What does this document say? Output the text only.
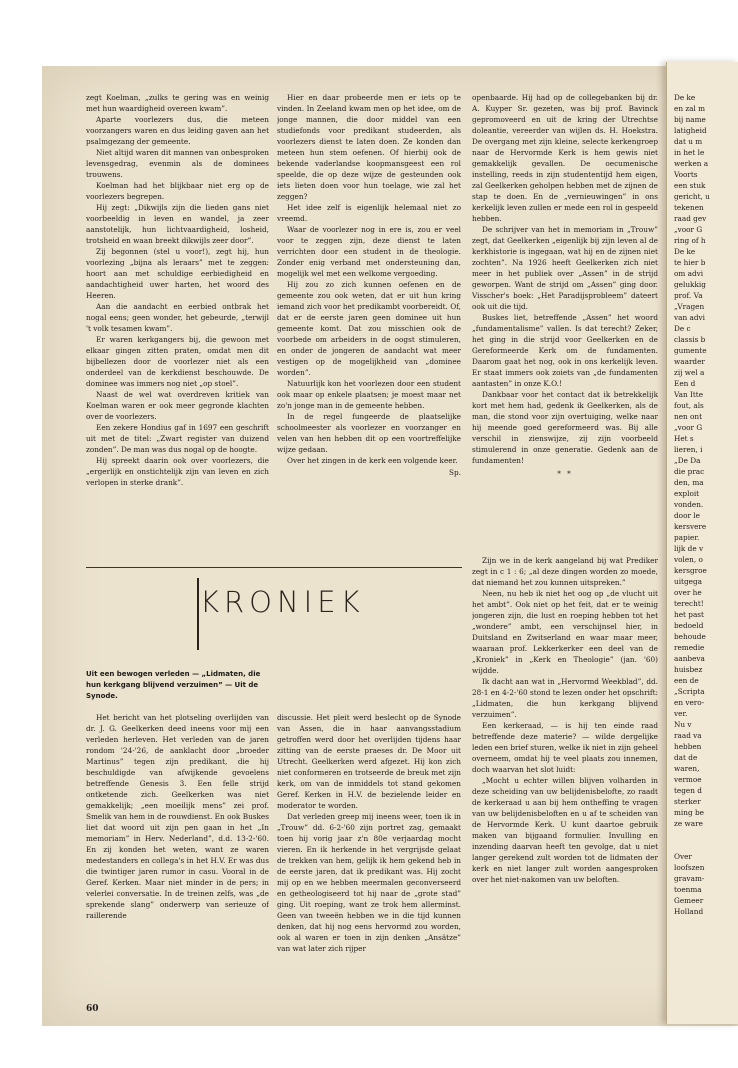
zegt Koelman, „zulks te gering was en weinig met hun waardigheid overeen kwam”.

Aparte voorlezers dus, die meteen voorzangers waren en dus leiding gaven aan het psalmgezang der gemeente.

Niet altijd waren dit mannen van onbesproken levensgedrag, evenmin als de dominees trouwens.

Koelman had het blijkbaar niet erg op de voorlezers begrepen.

Hij zegt: „Dikwijls zijn die lieden gans niet voorbeeldig in leven en wandel, ja zeer aanstotelijk, hun lichtvaardigheid, losheid, trotsheid en waan breekt dikwijls zeer door”.

Zij begonnen (stel u voor!), zegt hij, hun voorlezing „bijna als leraars” met te zeggen: hoort aan met schuldige eerbiedigheid en aandachtigheid uwer harten, het woord des Heeren.

Aan die aandacht en eerbied ontbrak het nogal eens; geen wonder, het gebeurde, „terwijl 't volk tesamen kwam”.

Er waren kerkgangers bij, die gewoon met elkaar gingen zitten praten, omdat men dit bijbellezen door de voorlezer niet als een onderdeel van de kerkdienst beschouwde. De dominee was immers nog niet „op stoel”.

Naast de wel wat overdreven kritiek van Koelman waren er ook meer gegronde klachten over de voorlezers.

Een zekere Hondius gaf in 1697 een geschrift uit met de titel: „Zwart register van duizend zonden”. De man was dus nogal op de hoogte.

Hij spreekt daarin ook over voorlezers, die „ergerlijk en onstichtelijk zijn van leven en zich verlopen in sterke drank”.

Hier en daar probeerde men er iets op te vinden. In Zeeland kwam men op het idee, om de jonge mannen, die door middel van een studiefonds voor predikant studeerden, als voorlezers dienst te laten doen. Ze konden dan meteen hun stem oefenen. Of hierbij ook de bekende vaderlandse koopmansgeest een rol speelde, die op deze wijze de gesteunden ook iets lieten doen voor hun toelage, wie zal het zeggen?

Het idee zelf is eigenlijk helemaal niet zo vreemd.

Waar de voorlezer nog in ere is, zou er veel voor te zeggen zijn, deze dienst te laten verrichten door een student in de theologie. Zonder enig verband met ondersteuning dan, mogelijk wel met een welkome vergoeding.

Hij zou zo zich kunnen oefenen en de gemeente zou ook weten, dat er uit hun kring iemand zich voor het predikambt voorbereidt. Of, dat er de eerste jaren geen dominee uit hun gemeente komt. Dat zou misschien ook de voorbede om arbeiders in de oogst stimuleren, en onder de jongeren de aandacht wat meer vestigen op de mogelijkheid van „dominee worden”.

Natuurlijk kon het voorlezen door een student ook maar op enkele plaatsen; je moest maar net zo'n jonge man in de gemeente hebben.

In de regel fungeerde de plaatselijke schoolmeester als voorlezer en voorzanger en velen van hen hebben dit op een voortreffelijke wijze gedaan.

Over het zingen in de kerk een volgende keer.

Sp.

openbaarde. Hij had op de collegebanken bij dr. A. Kuyper Sr. gezeten, was bij prof. Bavinck gepromoveerd en uit de kring der Utrechtse doleantie, vereerder van wijlen ds. H. Hoekstra. De overgang met zijn kleine, selecte kerkengroep naar de Hervormde Kerk is hem gewis niet gemakkelijk gevallen. De oecumenische instelling, reeds in zijn studententijd hem eigen, zal Geelkerken geholpen hebben met de zijnen de stap te doen. En de „vernieuwingen” in ons kerkelijk leven zullen er mede een rol in gespeeld hebben.

De schrijver van het in memoriam in „Trouw” zegt, dat Geelkerken „eigenlijk bij zijn leven al de kerkhistorie is ingegaan, wat hij en de zijnen niet zochten”. Na 1926 heeft Geelkerken zich niet meer in het publiek over „Assen” in de strijd geworpen. Want de strijd om „Assen” ging door. Visscher's boek: „Het Paradijsprobleem” dateert ook uit die tijd.

Buskes liet, betreffende „Assen” het woord „fundamentalisme” vallen. Is dat terecht? Zeker, het ging in die strijd voor Geelkerken en de Gereformeerde Kerk om de fundamenten. Daarom gaat het nog, ook in ons kerkelijk leven. Er staat immers ook zoiets van „de fundamenten aantasten” in onze K.O.!

Dankbaar voor het contact dat ik betrekkelijk kort met hem had, gedenk ik Geelkerken, als de man, die stond voor zijn overtuiging, welke naar hij meende goed gereformeerd was. Bij alle verschil in zienswijze, zij zijn voorbeeld stimulerend in onze generatie. Gedenk aan de fundamenten!

* *

KRONIEK
Uit een bewogen verleden — „Lidmaten, die hun kerkgang blijvend verzuimen” — Uit de Synode.

Het bericht van het plotseling overlijden van dr. J. G. Geelkerken deed ineens voor mij een verleden herleven. Het verleden van de jaren rondom '24-'26, de aanklacht door „broeder Martinus” tegen zijn predikant, die hij beschuldigde van afwijkende gevoelens betreffende Genesis 3. Een felle strijd ontketende zich. Geelkerken was niet gemakkelijk; „een moeilijk mens” zei prof. Smelik van hem in de rouwdienst. En ook Buskes liet dat woord uit zijn pen gaan in het „In memoriam” in Herv. Nederland”, d.d. 13-2-'60. En zij konden het weten, want ze waren medestanders en collega's in het H.V. Er was dus die twintiger jaren rumor in casu. Vooral in de Geref. Kerken. Maar niet minder in de pers; in velerlei conversatie. In de treinen zelfs, was „de sprekende slang” onderwerp van serieuze of raillerende

discussie. Het pleit werd beslecht op de Synode van Assen, die in haar aanvangsstadium getroffen werd door het overlijden tijdens haar zitting van de eerste praeses dr. De Moor uit Utrecht. Geelkerken werd afgezet. Hij kon zich niet conformeren en trotseerde de breuk met zijn kerk, om van de inmiddels tot stand gekomen Geref. Kerken in H.V. de bezielende leider en moderator te worden.

Dat verleden greep mij ineens weer, toen ik in „Trouw” dd. 6-2-'60 zijn portret zag, gemaakt toen hij vorig jaar z'n 80e verjaardag mocht vieren. En ik herkende in het vergrijsde gelaat de trekken van hem, gelijk ik hem gekend heb in de eerste jaren, dat ik predikant was. Hij zocht mij op en we hebben meermalen geconverseerd en getheologiseerd tot hij naar de „grote stad” ging. Uit roeping, want ze trok hem allerminst. Geen van tweeën hebben we in die tijd kunnen denken, dat hij nog eens hervormd zou worden, ook al waren er toen in zijn denken „Ansätze” van wat later zich rijper

Zijn we in de kerk aangeland bij wat Prediker zegt in c 1 : 6; „al deze dingen worden zo moede, dat niemand het zou kunnen uitspreken.”

Neen, nu heb ik niet het oog op „de vlucht uit het ambt”. Ook niet op het feit, dat er te weinig jongeren zijn, die lust en roeping hebben tot het „wondere” ambt, een verschijnsel hier, in Duitsland en Zwitserland en waar maar meer, waaraan prof. Lekkerkerker een deel van de „Kroniek” in „Kerk en Theologie” (jan. '60) wijdde.

Ik dacht aan wat in „Hervormd Weekblad”, dd. 28-1 en 4-2-'60 stond te lezen onder het opschrift: „Lidmaten, die hun kerkgang blijvend verzuimen”.

Een kerkeraad, — is hij ten einde raad betreffende deze materie? — wilde dergelijke leden een brief sturen, welke ik niet in zijn geheel overneem, omdat hij te veel plaats zou innemen, doch waarvan het slot luidt:

„Mocht u echter willen blijven volharden in deze scheiding van uw belijdenisbelofte, zo raadt de kerkeraad u aan bij hem ontheffing te vragen van uw belijdenisbeloften en u af te scheiden van de Hervormde Kerk. U kunt daartoe gebruik maken van bijgaand formulier. Invulling en inzending daarvan heeft ten gevolge, dat u niet langer gerekend zult worden tot de lidmaten der kerk en niet langer zult worden aangesproken over het niet-nakomen van uw beloften.

60
De ke
en zal m
bij name
latigheid
dat u m
in het le
werken a
Voorts
een stuk
gericht, u
tekenen
raad gev
„voor G
ring of h
De ke
te hier b
om advi
gelukkig
prof. Va
„Vragen
van advi
De c
classis b
gumente
waarder
zij wel a
Een d
Van Itte
fout, als
nen ont
„voor G
Het s
lieren, i
„De Da
die prac
den, ma
exploit
vonden.
door le
kersvere
papier.
lijk de v
volen, o
kersgroe
uitgega
over he
terecht!
het past
bedoeld
behoude
remedie
aanbeva
huisbez
een de
„Scripta
en vero-
ver.
Nu v
raad va
hebben
dat de
waren,
vermoe
tegen d
sterker
ming be
ze ware
Over
loofszen
gravam-
toenma
Gemeer
Holland
